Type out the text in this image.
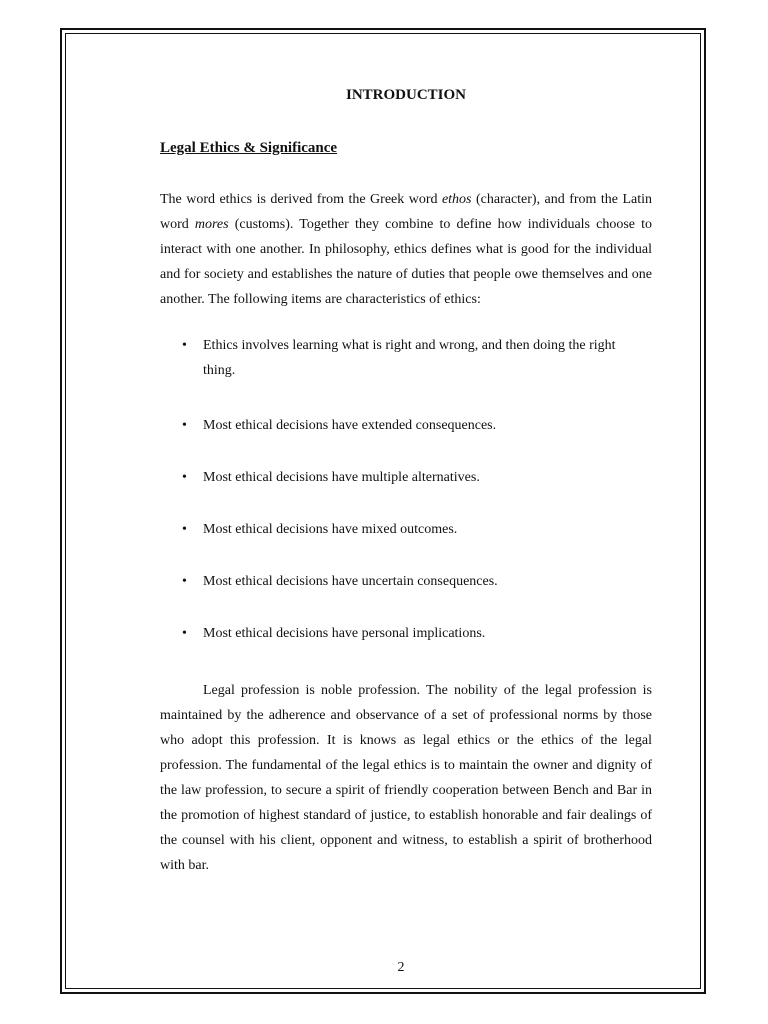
INTRODUCTION
Legal Ethics & Significance

The word ethics is derived from the Greek word ethos (character), and from the Latin word mores (customs). Together they combine to define how individuals choose to interact with one another. In philosophy, ethics defines what is good for the individual and for society and establishes the nature of duties that people owe themselves and one another. The following items are characteristics of ethics:

• Ethics involves learning what is right and wrong, and then doing the right thing.
• Most ethical decisions have extended consequences.
• Most ethical decisions have multiple alternatives.
• Most ethical decisions have mixed outcomes.
• Most ethical decisions have uncertain consequences.
• Most ethical decisions have personal implications.

Legal profession is noble profession. The nobility of the legal profession is maintained by the adherence and observance of a set of professional norms by those who adopt this profession. It is knows as legal ethics or the ethics of the legal profession. The fundamental of the legal ethics is to maintain the owner and dignity of the law profession, to secure a spirit of friendly cooperation between Bench and Bar in the promotion of highest standard of justice, to establish honorable and fair dealings of the counsel with his client, opponent and witness, to establish a spirit of brotherhood with bar.

2
